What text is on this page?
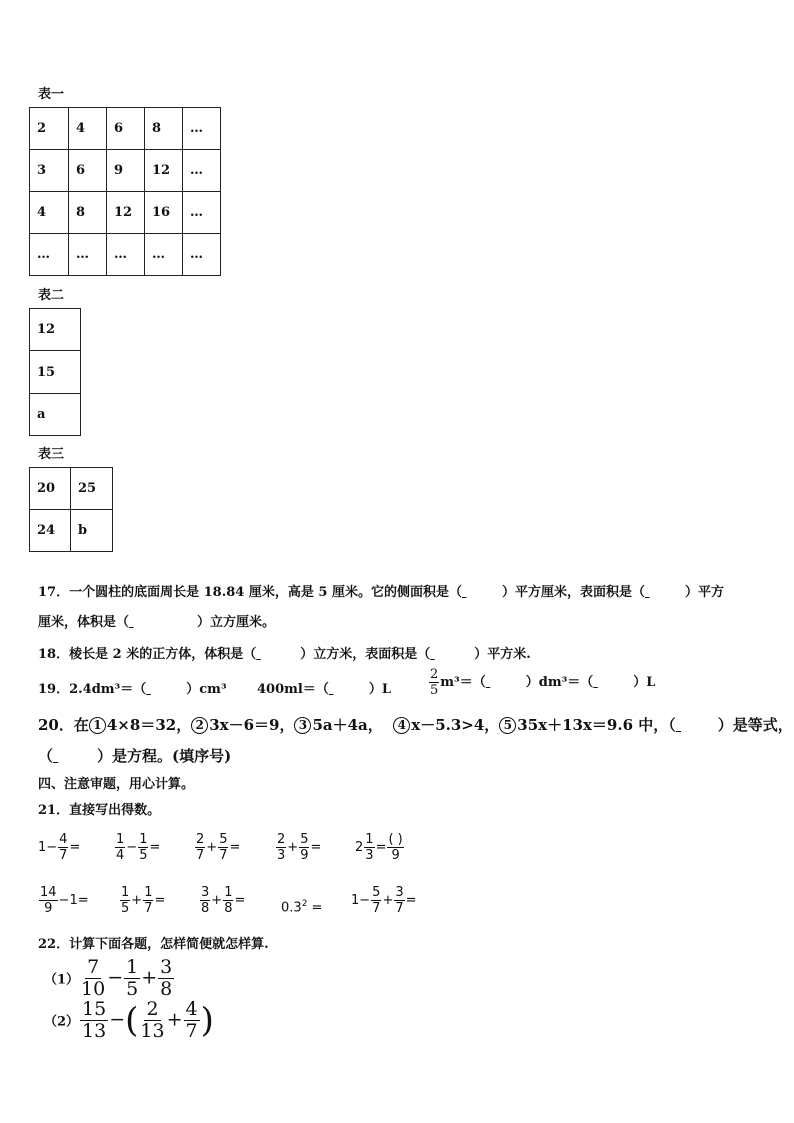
表一
2	4	6	8	…
3	6	9	12	…
4	8	12	16	…
…	…	…	…	…
表二
12
15
a
表三
20	25
24	b
17．一个圆柱的底面周长是 18.84 厘米，高是 5 厘米。它的侧面积是（	）平方厘米，表面积是（	）平方
厘米，体积是（	）立方厘米。
18．棱长是 2 米的正方体，体积是（	）立方米，表面积是（	）平方米.
19．2.4dm³＝（	）cm³ 400ml＝（	）L	$\frac{2}{5} m^3=$（	）dm³＝（	）L
20．在 1 4×8＝32， 2 3x－6＝9， 3 5a＋4a， 4 x－5.3>4， 5 35x＋13x＝9.6 中，（	）是等式，
（	）是方程。(填序号)
四、注意审题，用心计算。
21．直接写出得数。
$1- \frac{4}{7}$ =	$\frac{1}{4} - \frac{1}{5}$ =	$\frac{2}{7} + \frac{5}{7}$ =	$\frac{2}{3} + \frac{5}{9}$ =	$2 \frac{1}{3} = \frac{( )}{9}$
$\frac{14}{9} -1= \frac{1}{5} + \frac{1}{7}$ =	$\frac{3}{8} + \frac{1}{8}$ =	$0.3^2 = 1- \frac{5}{7} + \frac{3}{7}$ =
22．计算下面各题，怎样简便就怎样算.
$(1) \frac{7}{10} - \frac{1}{5} + \frac{3}{8}$
$(2) \frac{15}{13}$ −( $\frac{2}{13} + \frac{4}{7}$ )
